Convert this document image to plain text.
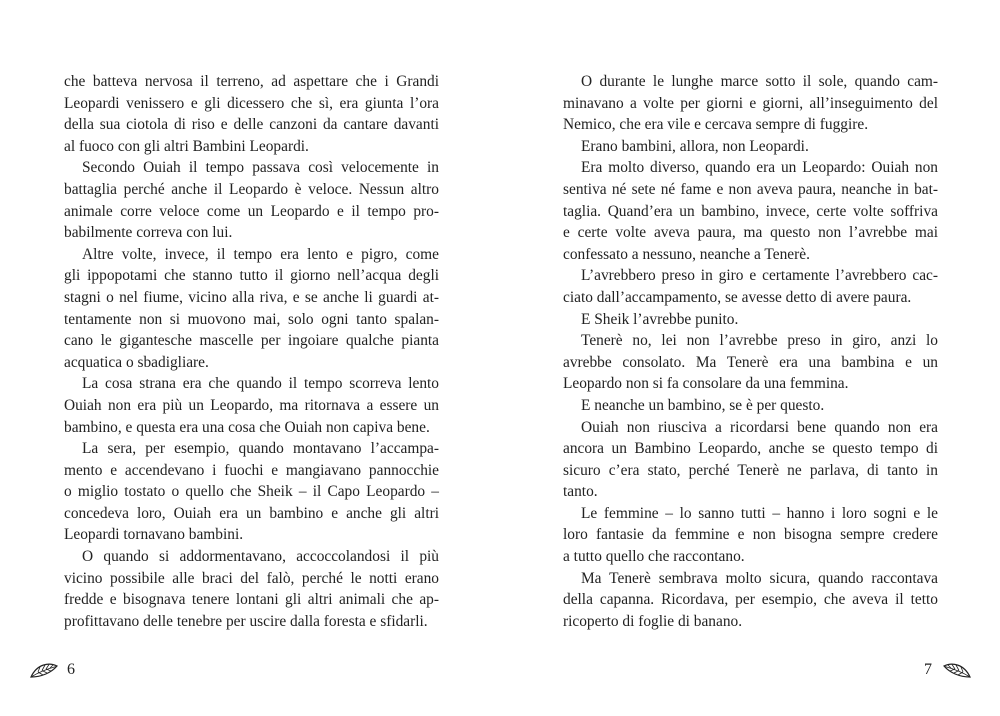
che batteva nervosa il terreno, ad aspettare che i Grandi
Leopardi venissero e gli dicessero che sì, era giunta l’ora
della sua ciotola di riso e delle canzoni da cantare davanti
al fuoco con gli altri Bambini Leopardi.
Secondo Ouiah il tempo passava così velocemente in
battaglia perché anche il Leopardo è veloce. Nessun altro
animale corre veloce come un Leopardo e il tempo pro-
babilmente correva con lui.
Altre volte, invece, il tempo era lento e pigro, come
gli ippopotami che stanno tutto il giorno nell’acqua degli
stagni o nel fiume, vicino alla riva, e se anche li guardi at-
tentamente non si muovono mai, solo ogni tanto spalan-
cano le gigantesche mascelle per ingoiare qualche pianta
acquatica o sbadigliare.
La cosa strana era che quando il tempo scorreva lento
Ouiah non era più un Leopardo, ma ritornava a essere un
bambino, e questa era una cosa che Ouiah non capiva bene.
La sera, per esempio, quando montavano l’accampa-
mento e accendevano i fuochi e mangiavano pannocchie
o miglio tostato o quello che Sheik – il Capo Leopardo –
concedeva loro, Ouiah era un bambino e anche gli altri
Leopardi tornavano bambini.
O quando si addormentavano, accoccolandosi il più
vicino possibile alle braci del falò, perché le notti erano
fredde e bisognava tenere lontani gli altri animali che ap-
profittavano delle tenebre per uscire dalla foresta e sfidarli.
O durante le lunghe marce sotto il sole, quando cam-
minavano a volte per giorni e giorni, all’inseguimento del
Nemico, che era vile e cercava sempre di fuggire.
Erano bambini, allora, non Leopardi.
Era molto diverso, quando era un Leopardo: Ouiah non
sentiva né sete né fame e non aveva paura, neanche in bat-
taglia. Quand’era un bambino, invece, certe volte soffriva
e certe volte aveva paura, ma questo non l’avrebbe mai
confessato a nessuno, neanche a Tenerè.
L’avrebbero preso in giro e certamente l’avrebbero cac-
ciato dall’accampamento, se avesse detto di avere paura.
E Sheik l’avrebbe punito.
Tenerè no, lei non l’avrebbe preso in giro, anzi lo
avrebbe consolato. Ma Tenerè era una bambina e un
Leopardo non si fa consolare da una femmina.
E neanche un bambino, se è per questo.
Ouiah non riusciva a ricordarsi bene quando non era
ancora un Bambino Leopardo, anche se questo tempo di
sicuro c’era stato, perché Tenerè ne parlava, di tanto in
tanto.
Le femmine – lo sanno tutti – hanno i loro sogni e le
loro fantasie da femmine e non bisogna sempre credere
a tutto quello che raccontano.
Ma Tenerè sembrava molto sicura, quando raccontava
della capanna. Ricordava, per esempio, che aveva il tetto
ricoperto di foglie di banano.
6	7
